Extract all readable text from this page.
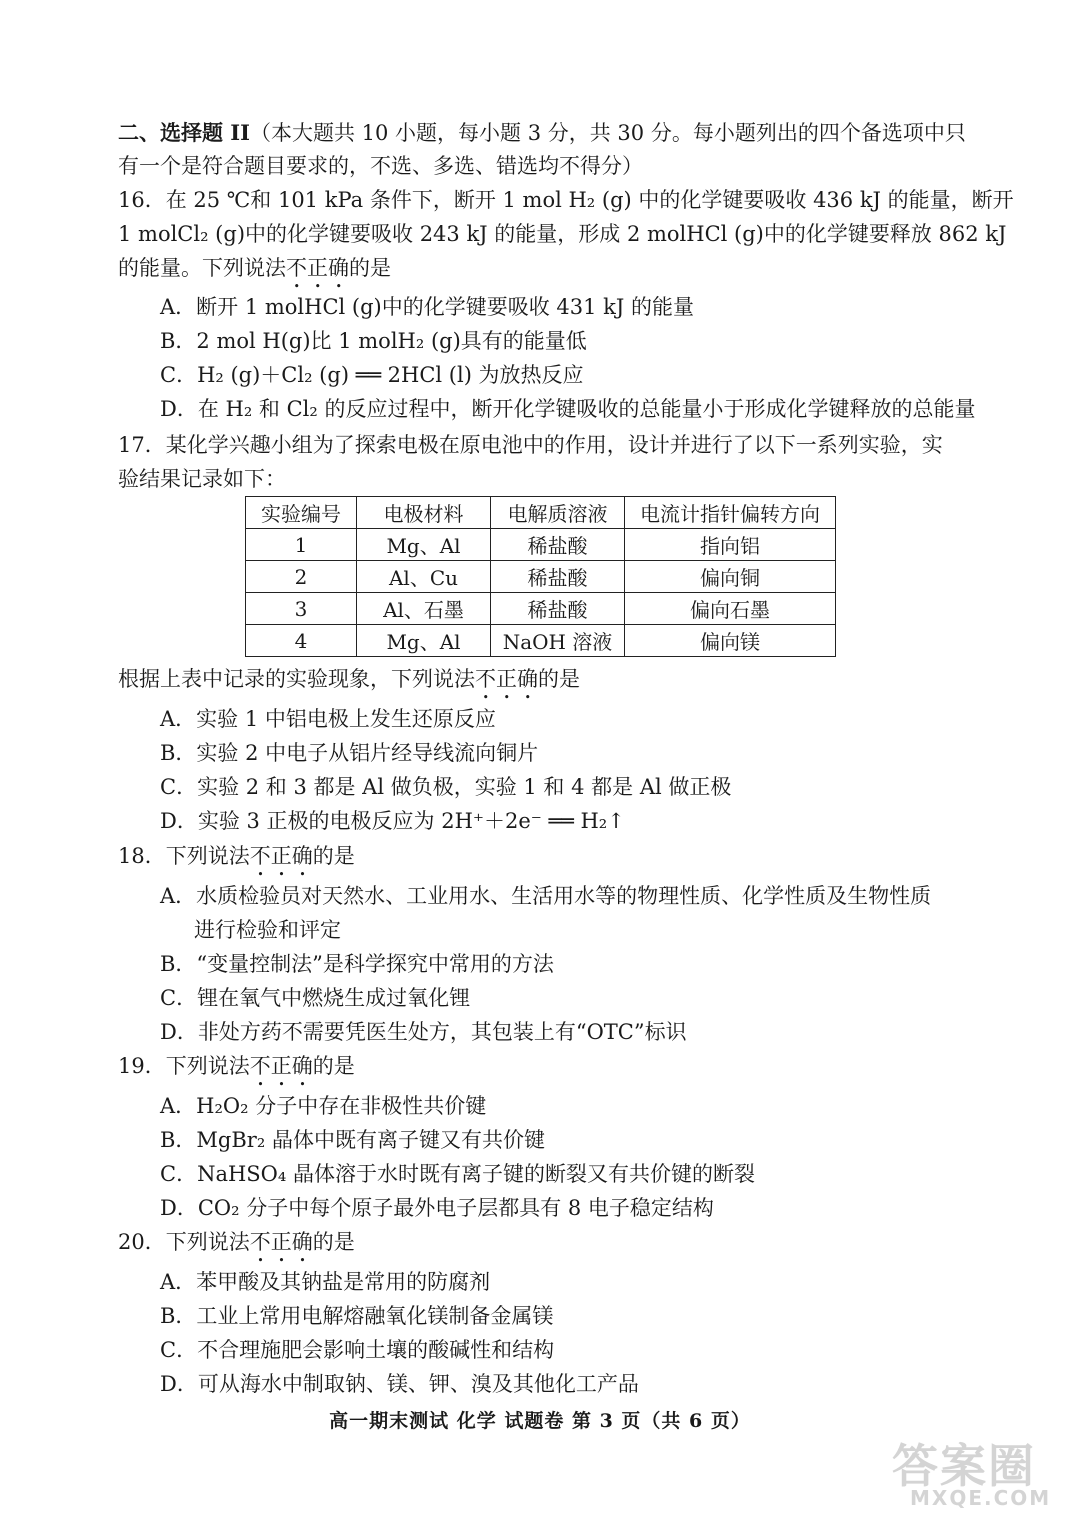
二、选择题 II（本大题共 10 小题，每小题 3 分，共 30 分。每小题列出的四个备选项中只
有一个是符合题目要求的，不选、多选、错选均不得分）
16．在 25 ℃和 101 kPa 条件下，断开 1 mol H₂ (g) 中的化学键要吸收 436 kJ 的能量，断开
1 molCl₂ (g)中的化学键要吸收 243 kJ 的能量，形成 2 molHCl (g)中的化学键要释放 862 kJ
的能量。下列说法不正确的是
A．断开 1 molHCl (g)中的化学键要吸收 431 kJ 的能量
B．2 mol H(g)比 1 molH₂ (g)具有的能量低
C．H₂ (g)＋Cl₂ (g) ══ 2HCl (l) 为放热反应
D．在 H₂ 和 Cl₂ 的反应过程中，断开化学键吸收的总能量小于形成化学键释放的总能量
17．某化学兴趣小组为了探索电极在原电池中的作用，设计并进行了以下一系列实验，实
验结果记录如下：
实验编号	电极材料	电解质溶液	电流计指针偏转方向
1	Mg、Al	稀盐酸	指向铝
2	Al、Cu	稀盐酸	偏向铜
3	Al、石墨	稀盐酸	偏向石墨
4	Mg、Al	NaOH 溶液	偏向镁
根据上表中记录的实验现象，下列说法不正确的是
A．实验 1 中铝电极上发生还原反应
B．实验 2 中电子从铝片经导线流向铜片
C．实验 2 和 3 都是 Al 做负极，实验 1 和 4 都是 Al 做正极
D．实验 3 正极的电极反应为 2H⁺＋2e⁻ ══ H₂↑
18．下列说法不正确的是
A．水质检验员对天然水、工业用水、生活用水等的物理性质、化学性质及生物性质
进行检验和评定
B．“变量控制法”是科学探究中常用的方法
C．锂在氧气中燃烧生成过氧化锂
D．非处方药不需要凭医生处方，其包装上有“OTC”标识
19．下列说法不正确的是
A．H₂O₂ 分子中存在非极性共价键
B．MgBr₂ 晶体中既有离子键又有共价键
C．NaHSO₄ 晶体溶于水时既有离子键的断裂又有共价键的断裂
D．CO₂ 分子中每个原子最外电子层都具有 8 电子稳定结构
20．下列说法不正确的是
A．苯甲酸及其钠盐是常用的防腐剂
B．工业上常用电解熔融氧化镁制备金属镁
C．不合理施肥会影响土壤的酸碱性和结构
D．可从海水中制取钠、镁、钾、溴及其他化工产品
高一期末测试 化学 试题卷 第 3 页（共 6 页）
答案圈
MXQE.COM
